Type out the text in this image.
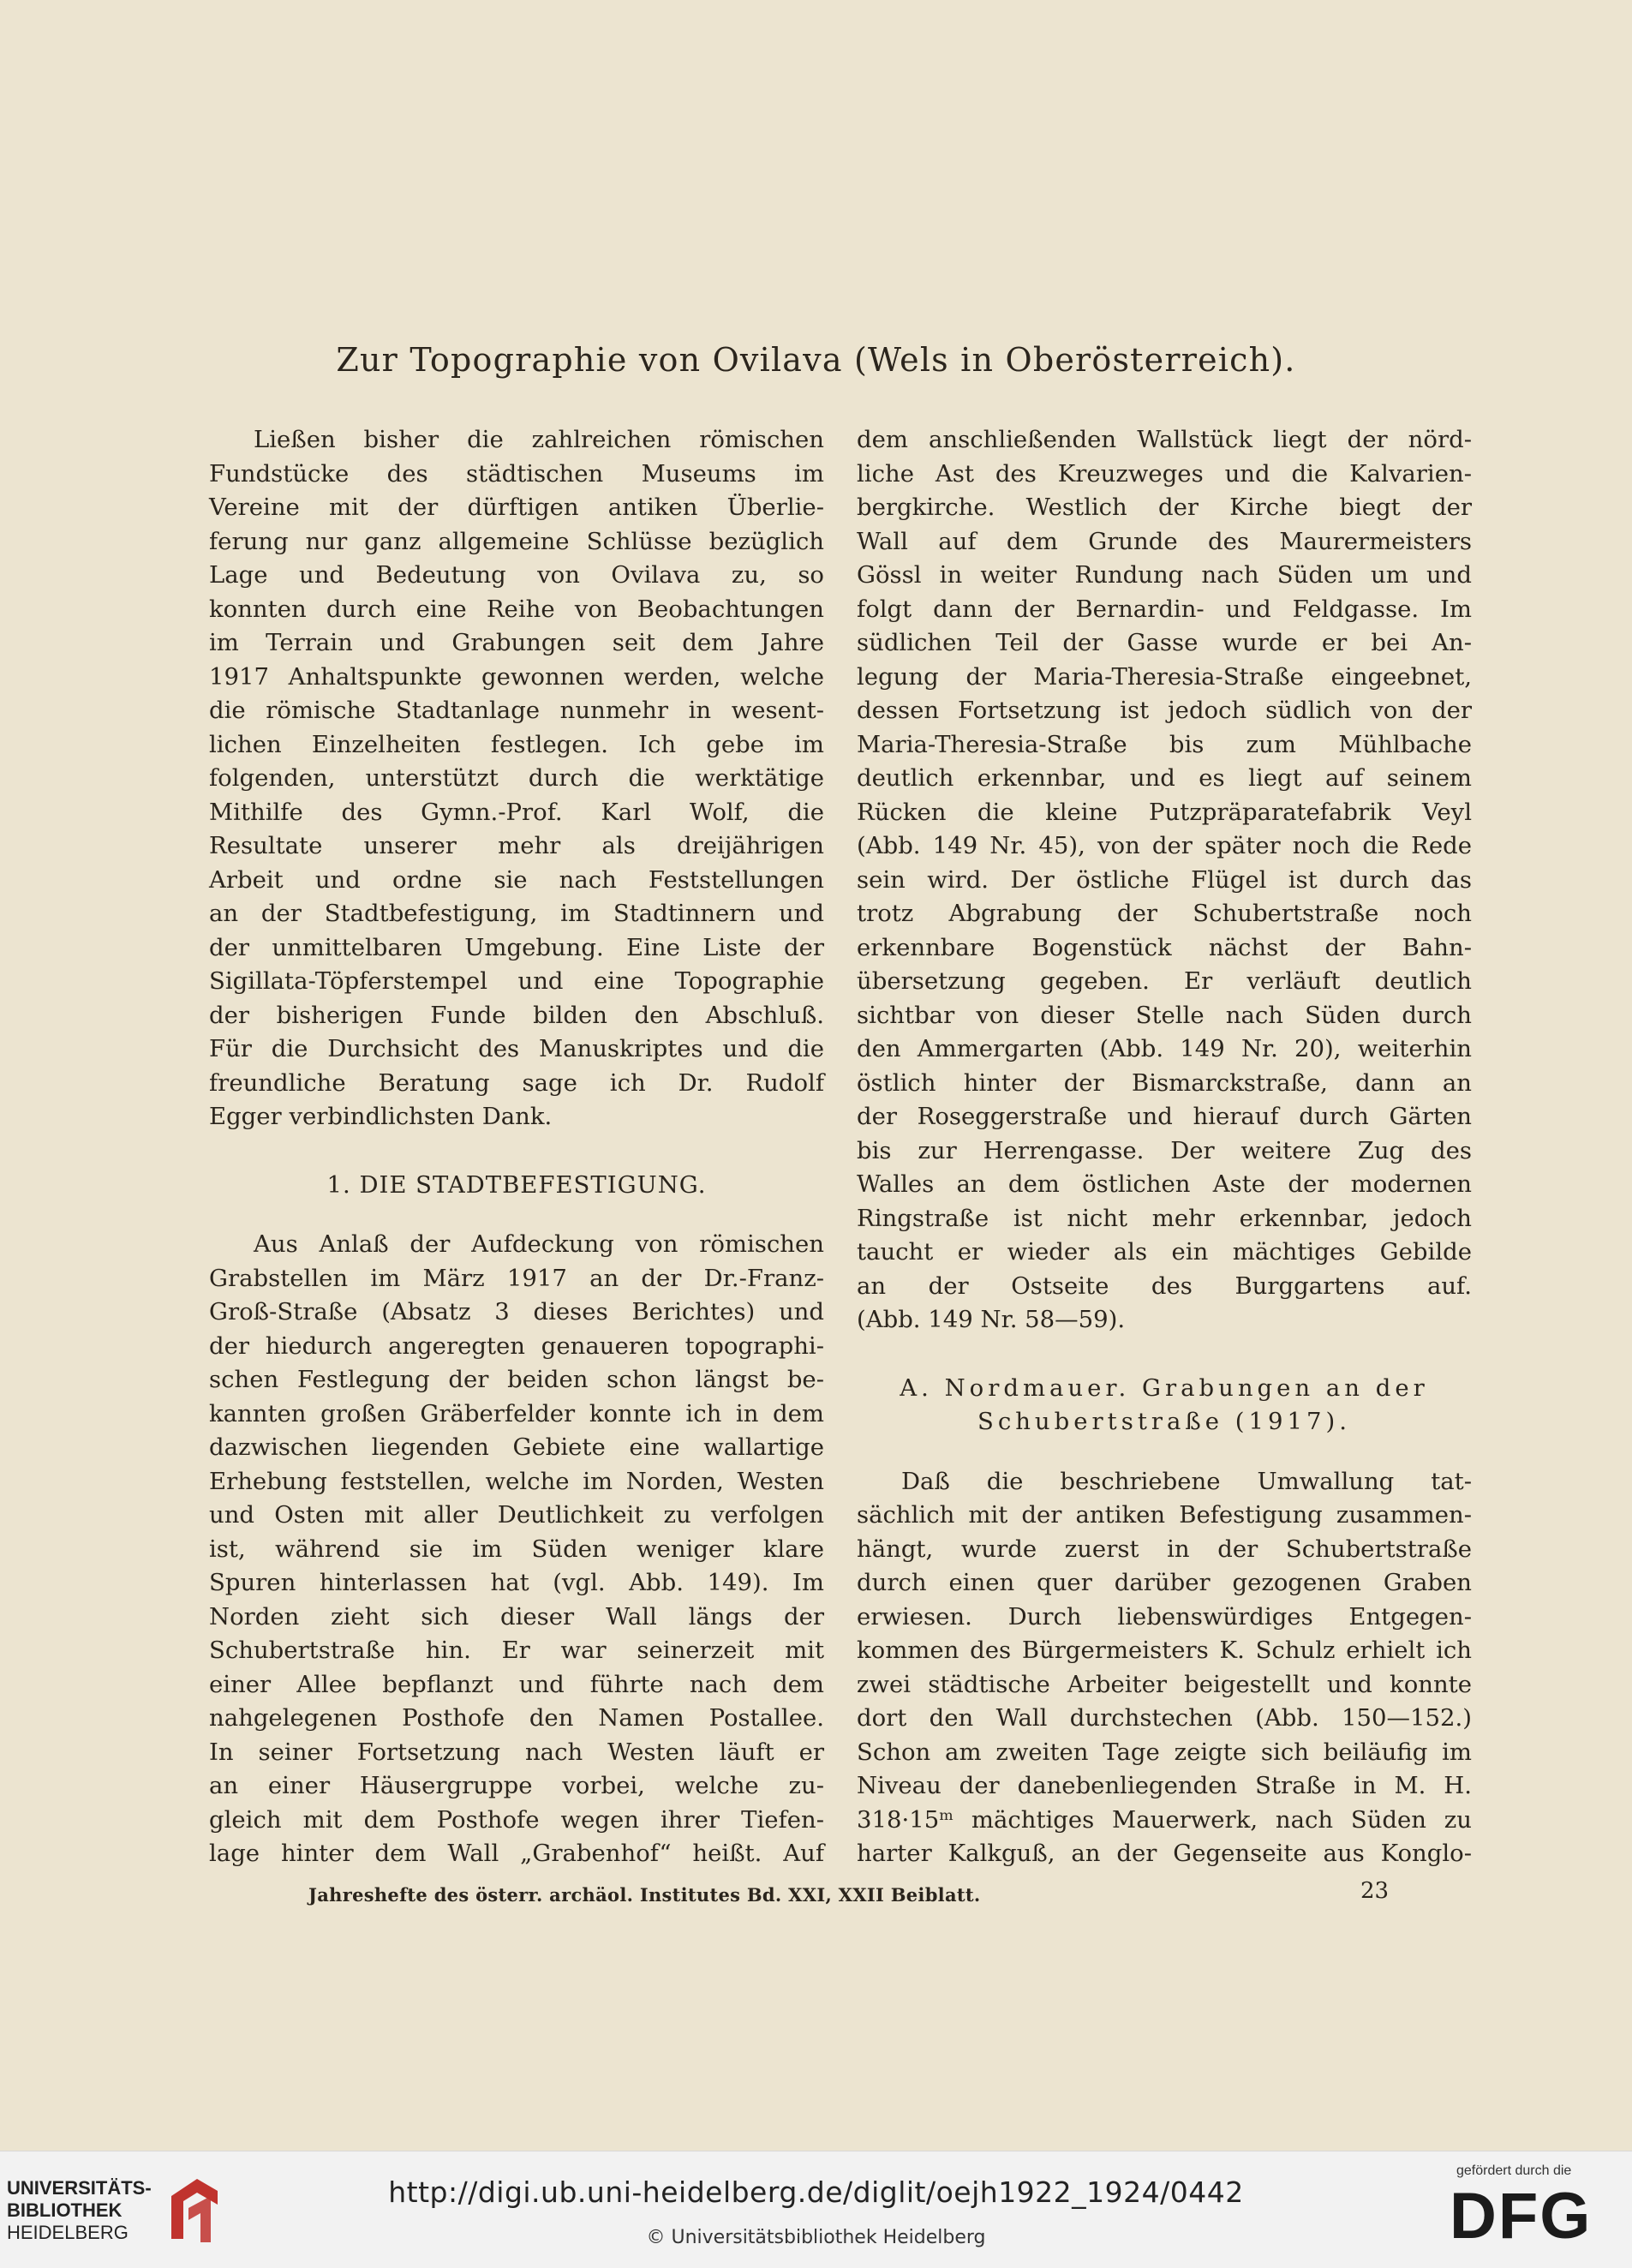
Zur Topographie von Ovilava (Wels in Oberösterreich).
Ließen bisher die zahlreichen römischen
Fundstücke des städtischen Museums im
Vereine mit der dürftigen antiken Überlie-
ferung nur ganz allgemeine Schlüsse bezüglich
Lage und Bedeutung von Ovilava zu, so
konnten durch eine Reihe von Beobachtungen
im Terrain und Grabungen seit dem Jahre
1917 Anhaltspunkte gewonnen werden, welche
die römische Stadtanlage nunmehr in wesent-
lichen Einzelheiten festlegen. Ich gebe im
folgenden, unterstützt durch die werktätige
Mithilfe des Gymn.-Prof. Karl Wolf, die
Resultate unserer mehr als dreijährigen
Arbeit und ordne sie nach Feststellungen
an der Stadtbefestigung, im Stadtinnern und
der unmittelbaren Umgebung. Eine Liste der
Sigillata-Töpferstempel und eine Topographie
der bisherigen Funde bilden den Abschluß.
Für die Durchsicht des Manuskriptes und die
freundliche Beratung sage ich Dr. Rudolf
Egger verbindlichsten Dank.
1. DIE STADTBEFESTIGUNG.
Aus Anlaß der Aufdeckung von römischen
Grabstellen im März 1917 an der Dr.-Franz-
Groß-Straße (Absatz 3 dieses Berichtes) und
der hiedurch angeregten genaueren topographi-
schen Festlegung der beiden schon längst be-
kannten großen Gräberfelder konnte ich in dem
dazwischen liegenden Gebiete eine wallartige
Erhebung feststellen, welche im Norden, Westen
und Osten mit aller Deutlichkeit zu verfolgen
ist, während sie im Süden weniger klare
Spuren hinterlassen hat (vgl. Abb. 149). Im
Norden zieht sich dieser Wall längs der
Schubertstraße hin. Er war seinerzeit mit
einer Allee bepflanzt und führte nach dem
nahgelegenen Posthofe den Namen Postallee.
In seiner Fortsetzung nach Westen läuft er
an einer Häusergruppe vorbei, welche zu-
gleich mit dem Posthofe wegen ihrer Tiefen-
lage hinter dem Wall „Grabenhof“ heißt. Auf
dem anschließenden Wallstück liegt der nörd-
liche Ast des Kreuzweges und die Kalvarien-
bergkirche. Westlich der Kirche biegt der
Wall auf dem Grunde des Maurermeisters
Gössl in weiter Rundung nach Süden um und
folgt dann der Bernardin- und Feldgasse. Im
südlichen Teil der Gasse wurde er bei An-
legung der Maria-Theresia-Straße eingeebnet,
dessen Fortsetzung ist jedoch südlich von der
Maria-Theresia-Straße bis zum Mühlbache
deutlich erkennbar, und es liegt auf seinem
Rücken die kleine Putzpräparatefabrik Veyl
(Abb. 149 Nr. 45), von der später noch die Rede
sein wird. Der östliche Flügel ist durch das
trotz Abgrabung der Schubertstraße noch
erkennbare Bogenstück nächst der Bahn-
übersetzung gegeben. Er verläuft deutlich
sichtbar von dieser Stelle nach Süden durch
den Ammergarten (Abb. 149 Nr. 20), weiterhin
östlich hinter der Bismarckstraße, dann an
der Roseggerstraße und hierauf durch Gärten
bis zur Herrengasse. Der weitere Zug des
Walles an dem östlichen Aste der modernen
Ringstraße ist nicht mehr erkennbar, jedoch
taucht er wieder als ein mächtiges Gebilde
an der Ostseite des Burggartens auf.
(Abb. 149 Nr. 58—59).
A. Nordmauer. Grabungen an der
Schubertstraße (1917).
Daß die beschriebene Umwallung tat-
sächlich mit der antiken Befestigung zusammen-
hängt, wurde zuerst in der Schubertstraße
durch einen quer darüber gezogenen Graben
erwiesen. Durch liebenswürdiges Entgegen-
kommen des Bürgermeisters K. Schulz erhielt ich
zwei städtische Arbeiter beigestellt und konnte
dort den Wall durchstechen (Abb. 150—152.)
Schon am zweiten Tage zeigte sich beiläufig im
Niveau der danebenliegenden Straße in M. H.
318·15ᵐ mächtiges Mauerwerk, nach Süden zu
harter Kalkguß, an der Gegenseite aus Konglo-
Jahreshefte des österr. archäol. Institutes Bd. XXI, XXII Beiblatt.	23
UNIVERSITÄTS-
BIBLIOTHEK
HEIDELBERG
http://digi.ub.uni-heidelberg.de/diglit/oejh1922_1924/0442
© Universitätsbibliothek Heidelberg
gefördert durch die
DFG
